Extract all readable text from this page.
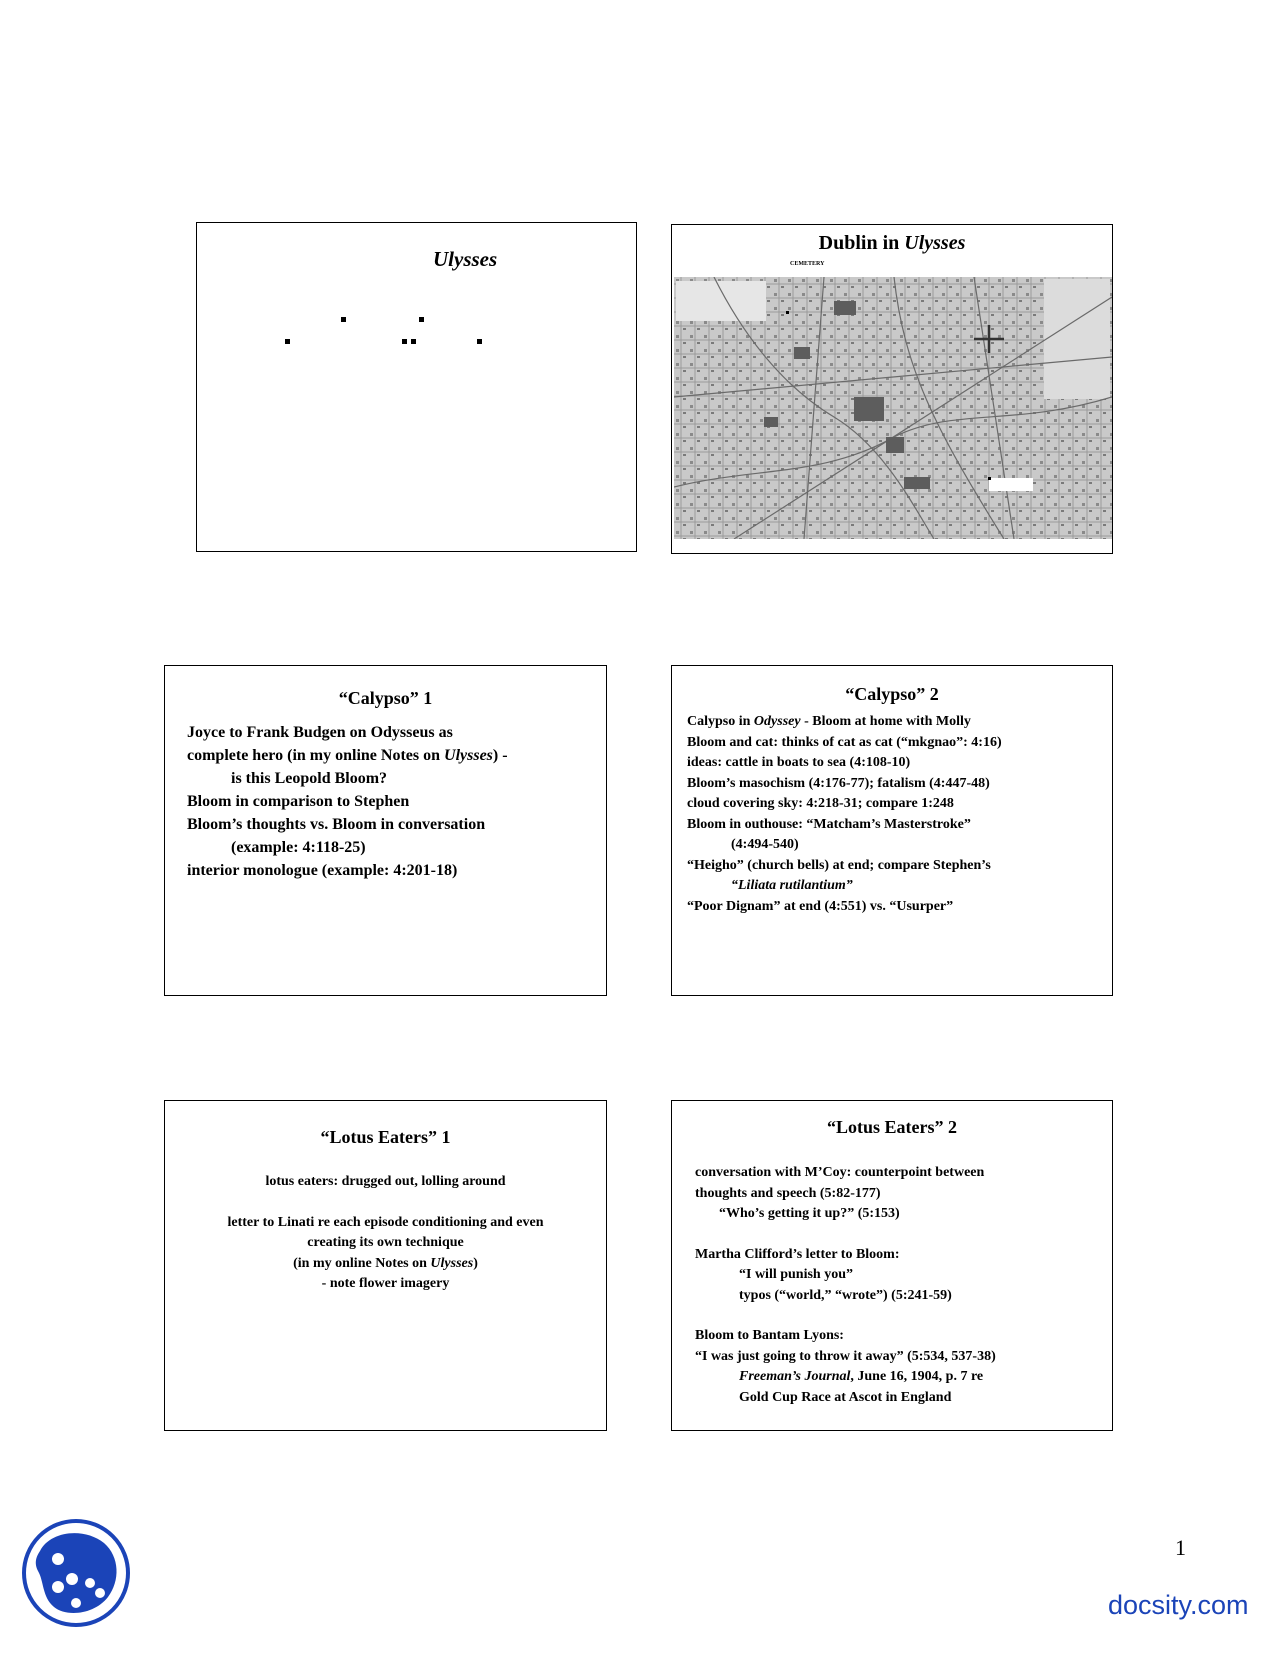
Ulysses
Dublin in Ulysses
CEMETERY
“Calypso” 1
Joyce to Frank Budgen on Odysseus as
complete hero (in my online Notes on Ulysses) -
is this Leopold Bloom?
Bloom in comparison to Stephen
Bloom’s thoughts vs. Bloom in conversation
(example: 4:118-25)
interior monologue (example: 4:201-18)
“Calypso” 2
Calypso in Odyssey - Bloom at home with Molly
Bloom and cat: thinks of cat as cat (“mkgnao”: 4:16)
ideas: cattle in boats to sea (4:108-10)
Bloom’s masochism (4:176-77); fatalism (4:447-48)
cloud covering sky: 4:218-31; compare 1:248
Bloom in outhouse: “Matcham’s Masterstroke”
(4:494-540)
“Heigho” (church bells) at end; compare Stephen’s
“Liliata rutilantium”
“Poor Dignam” at end (4:551) vs. “Usurper”
“Lotus Eaters” 1
lotus eaters: drugged out, lolling around
letter to Linati re each episode conditioning and even
creating its own technique
(in my online Notes on Ulysses)
- note flower imagery
“Lotus Eaters” 2
conversation with M’Coy: counterpoint between
thoughts and speech (5:82-177)
“Who’s getting it up?” (5:153)
Martha Clifford’s letter to Bloom:
“I will punish you”
typos (“world,” “wrote”) (5:241-59)
Bloom to Bantam Lyons:
“I was just going to throw it away” (5:534, 537-38)
Freeman’s Journal, June 16, 1904, p. 7 re
Gold Cup Race at Ascot in England
1
docsity.com
